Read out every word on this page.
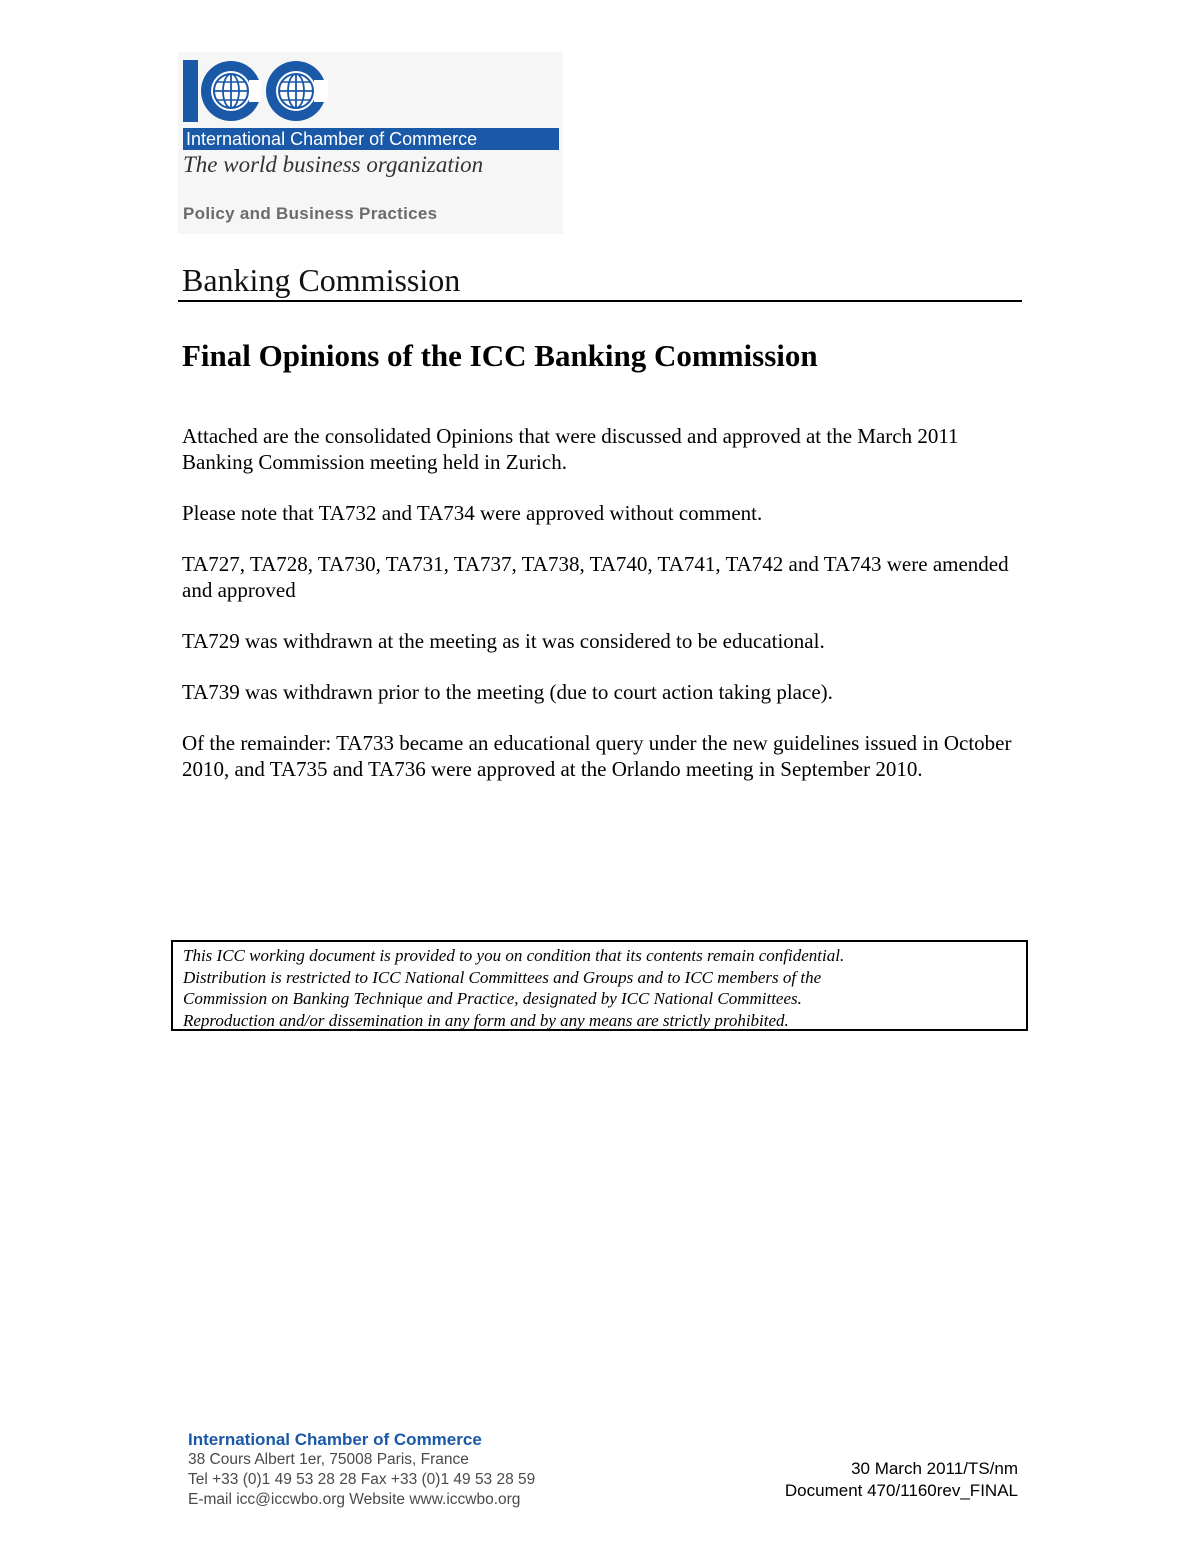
International Chamber of Commerce
The world business organization
Policy and Business Practices
Banking Commission
Final Opinions of the ICC Banking Commission

Attached are the consolidated Opinions that were discussed and approved at the March 2011 Banking Commission meeting held in Zurich.

Please note that TA732 and TA734 were approved without comment.

TA727, TA728, TA730, TA731, TA737, TA738, TA740, TA741, TA742 and TA743 were amended and approved

TA729 was withdrawn at the meeting as it was considered to be educational.

TA739 was withdrawn prior to the meeting (due to court action taking place).

Of the remainder: TA733 became an educational query under the new guidelines issued in October 2010, and TA735 and TA736 were approved at the Orlando meeting in September 2010.

This ICC working document is provided to you on condition that its contents remain confidential.
Distribution is restricted to ICC National Committees and Groups and to ICC members of the
Commission on Banking Technique and Practice, designated by ICC National Committees.
Reproduction and/or dissemination in any form and by any means are strictly prohibited.
International Chamber of Commerce
38 Cours Albert 1er, 75008 Paris, France
Tel +33 (0)1 49 53 28 28 Fax +33 (0)1 49 53 28 59
E-mail icc@iccwbo.org Website www.iccwbo.org
30 March 2011/TS/nm
Document 470/1160rev_FINAL
